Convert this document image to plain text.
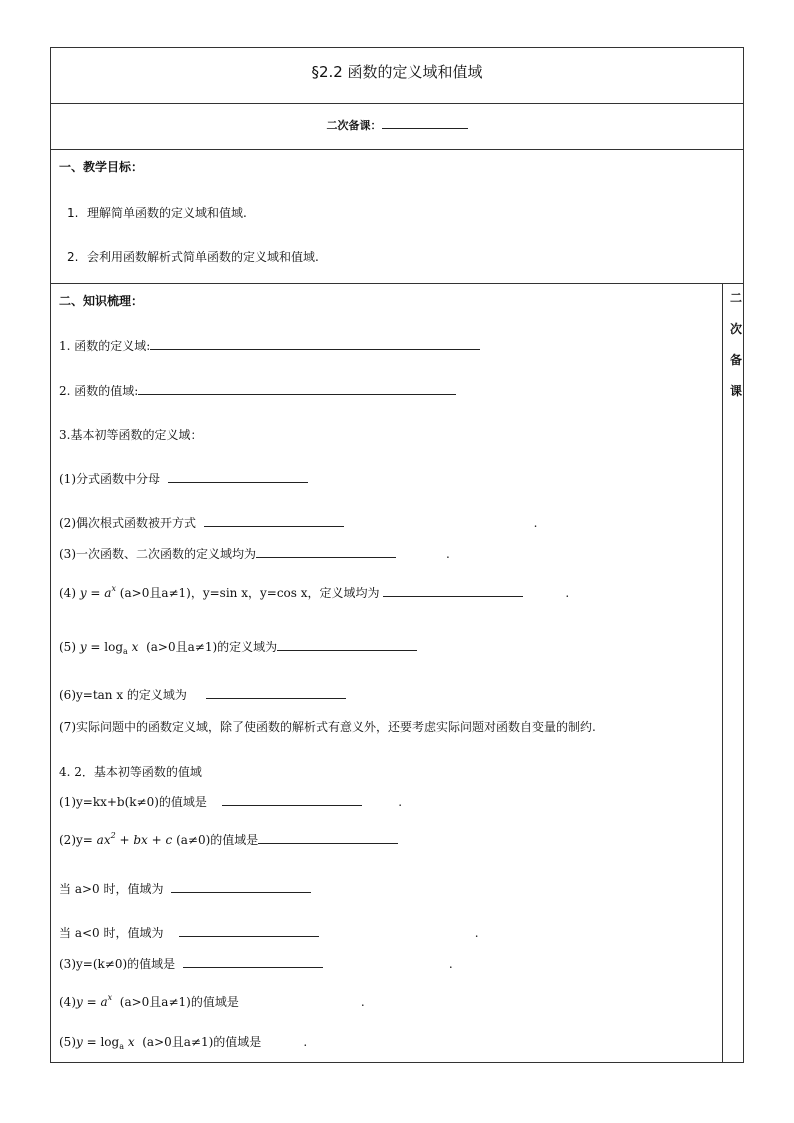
§2.2 函数的定义域和值域
二次备课：
一、教学目标：
1. 理解简单函数的定义域和值域.
2. 会利用函数解析式简单函数的定义域和值域.
二
次
备
课
二、知识梳理：
1. 函数的定义域:
2. 函数的值域:
3.基本初等函数的定义域：
(1)分式函数中分母
(2)偶次根式函数被开方式	.
(3)一次函数、二次函数的定义域均为	.
(4) $y = a^x$ (a>0且a≠1)，y=sin x，y=cos x，定义域均为	.
(5) $y = \log_a x$ (a>0且a≠1)的定义域为
(6)y=tan x 的定义域为
(7)实际问题中的函数定义域，除了使函数的解析式有意义外，还要考虑实际问题对函数自变量的制约.
4. 2．基本初等函数的值域
(1)y=kx+b(k≠0)的值域是	.
$(2)y= ax^2$ + bx + c (a≠0)的值域是
当 a>0 时，值域为
当 a<0 时，值域为	.
(3)y=(k≠0)的值域是	.
$(4)y = a^x$ (a>0且a≠1)的值域是	.
$(5)y = \log_a x$ (a>0且a≠1)的值域是	.
